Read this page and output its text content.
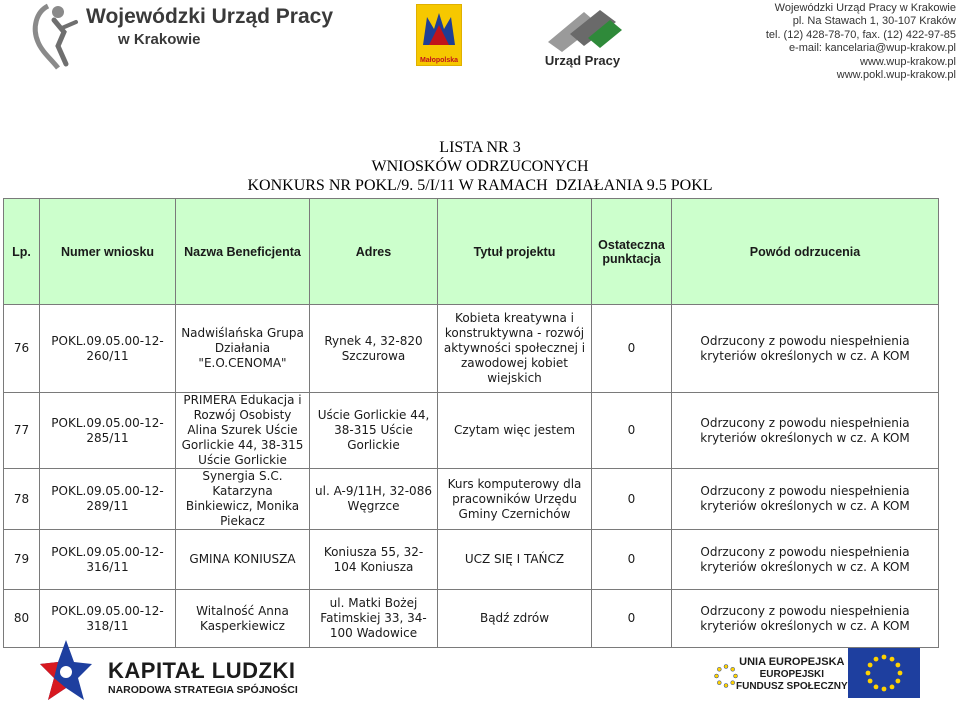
Wojewódzki Urząd Pracy
w Krakowie
Małopolska	Urząd Pracy
Wojewódzki Urząd Pracy w Krakowie
pl. Na Stawach 1, 30-107 Kraków
tel. (12) 428-78-70, fax. (12) 422-97-85
e-mail: kancelaria@wup-krakow.pl
www.wup-krakow.pl
www.pokl.wup-krakow.pl
LISTA NR 3
WNIOSKÓW ODRZUCONYCH
KONKURS NR POKL/9. 5/I/11 W RAMACH  DZIAŁANIA 9.5 POKL
Lp.	Numer wniosku	Nazwa Beneficjenta	Adres	Tytuł projektu	Ostateczna punktacja	Powód odrzucenia
76	POKL.09.05.00-12-260/11	Nadwiślańska Grupa Działania "E.O.CENOMA"	Rynek 4, 32-820 Szczurowa	Kobieta kreatywna i konstruktywna - rozwój aktywności społecznej i zawodowej kobiet wiejskich	0	Odrzucony z powodu niespełnienia kryteriów określonych w cz. A KOM
77	POKL.09.05.00-12-285/11	PRIMERA Edukacja i Rozwój Osobisty Alina Szurek Uście Gorlickie 44, 38-315 Uście Gorlickie	Uście Gorlickie 44, 38-315 Uście Gorlickie	Czytam więc jestem	0	Odrzucony z powodu niespełnienia kryteriów określonych w cz. A KOM
78	POKL.09.05.00-12-289/11	Synergia S.C. Katarzyna Binkiewicz, Monika Piekacz	ul. A-9/11H, 32-086 Węgrzce	Kurs komputerowy dla pracowników Urzędu Gminy Czernichów	0	Odrzucony z powodu niespełnienia kryteriów określonych w cz. A KOM
79	POKL.09.05.00-12-316/11	GMINA KONIUSZA	Koniusza 55, 32-104 Koniusza	UCZ SIĘ I TAŃCZ	0	Odrzucony z powodu niespełnienia kryteriów określonych w cz. A KOM
80	POKL.09.05.00-12-318/11	Witalność Anna Kasperkiewicz	ul. Matki Bożej Fatimskiej 33, 34-100 Wadowice	Bądź zdrów	0	Odrzucony z powodu niespełnienia kryteriów określonych w cz. A KOM
KAPITAŁ LUDZKI
NARODOWA STRATEGIA SPÓJNOŚCI
UNIA EUROPEJSKA
EUROPEJSKI
FUNDUSZ SPOŁECZNY
